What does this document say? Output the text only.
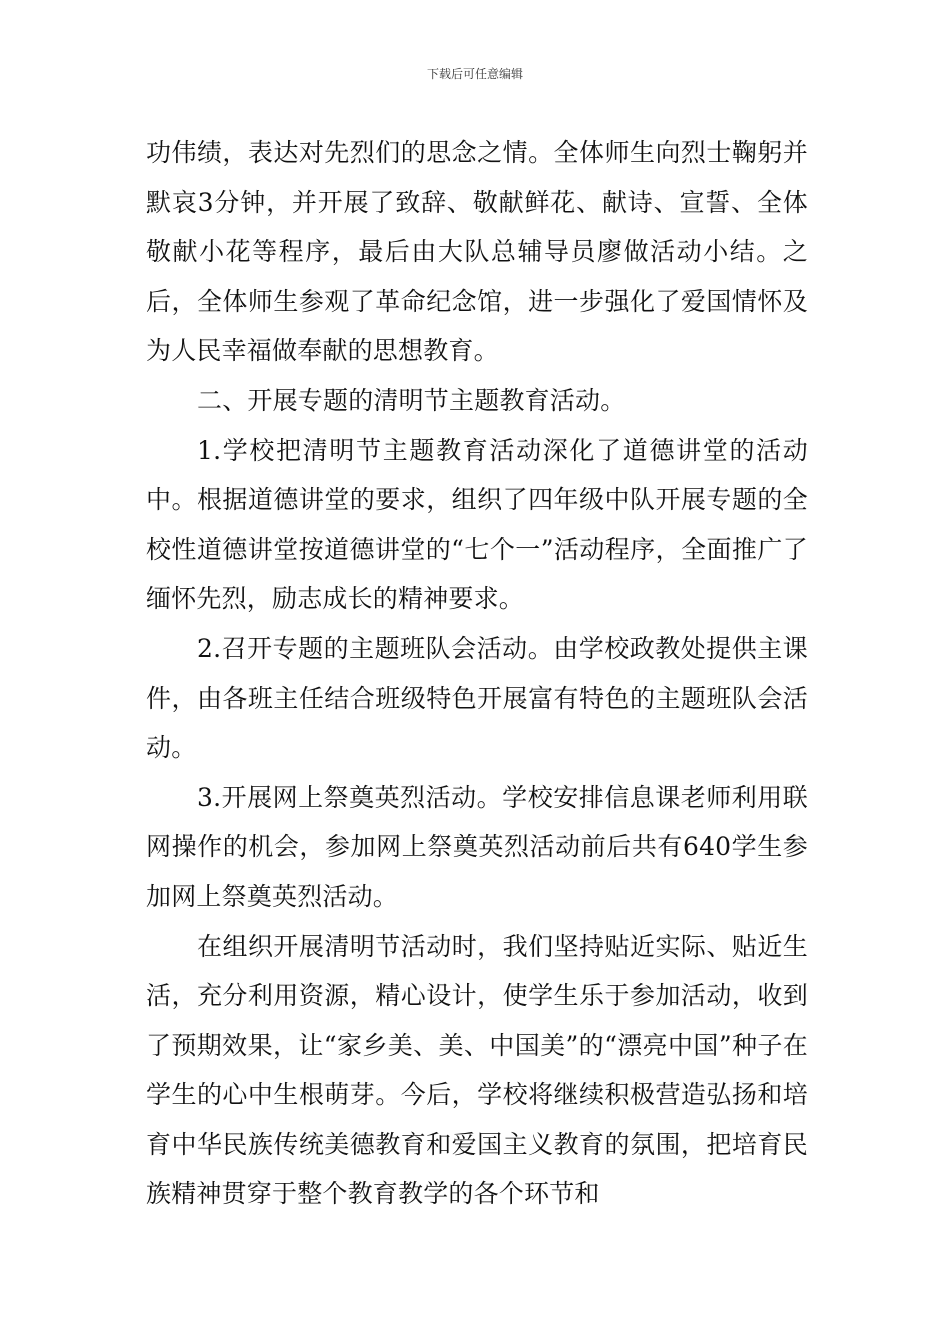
下载后可任意编辑

功伟绩，表达对先烈们的思念之情。全体师生向烈士鞠躬并默哀3分钟，并开展了致辞、敬献鲜花、献诗、宣誓、全体敬献小花等程序，最后由大队总辅导员廖做活动小结。之后，全体师生参观了革命纪念馆，进一步强化了爱国情怀及为人民幸福做奉献的思想教育。

二、开展专题的清明节主题教育活动。

1.学校把清明节主题教育活动深化了道德讲堂的活动中。根据道德讲堂的要求，组织了四年级中队开展专题的全校性道德讲堂按道德讲堂的“七个一”活动程序，全面推广了缅怀先烈，励志成长的精神要求。

2.召开专题的主题班队会活动。由学校政教处提供主课件，由各班主任结合班级特色开展富有特色的主题班队会活动。

3.开展网上祭奠英烈活动。学校安排信息课老师利用联网操作的机会，参加网上祭奠英烈活动前后共有640学生参加网上祭奠英烈活动。

在组织开展清明节活动时，我们坚持贴近实际、贴近生活，充分利用资源，精心设计，使学生乐于参加活动，收到了预期效果，让“家乡美、美、中国美”的“漂亮中国”种子在学生的心中生根萌芽。今后，学校将继续积极营造弘扬和培育中华民族传统美德教育和爱国主义教育的氛围，把培育民族精神贯穿于整个教育教学的各个环节和
